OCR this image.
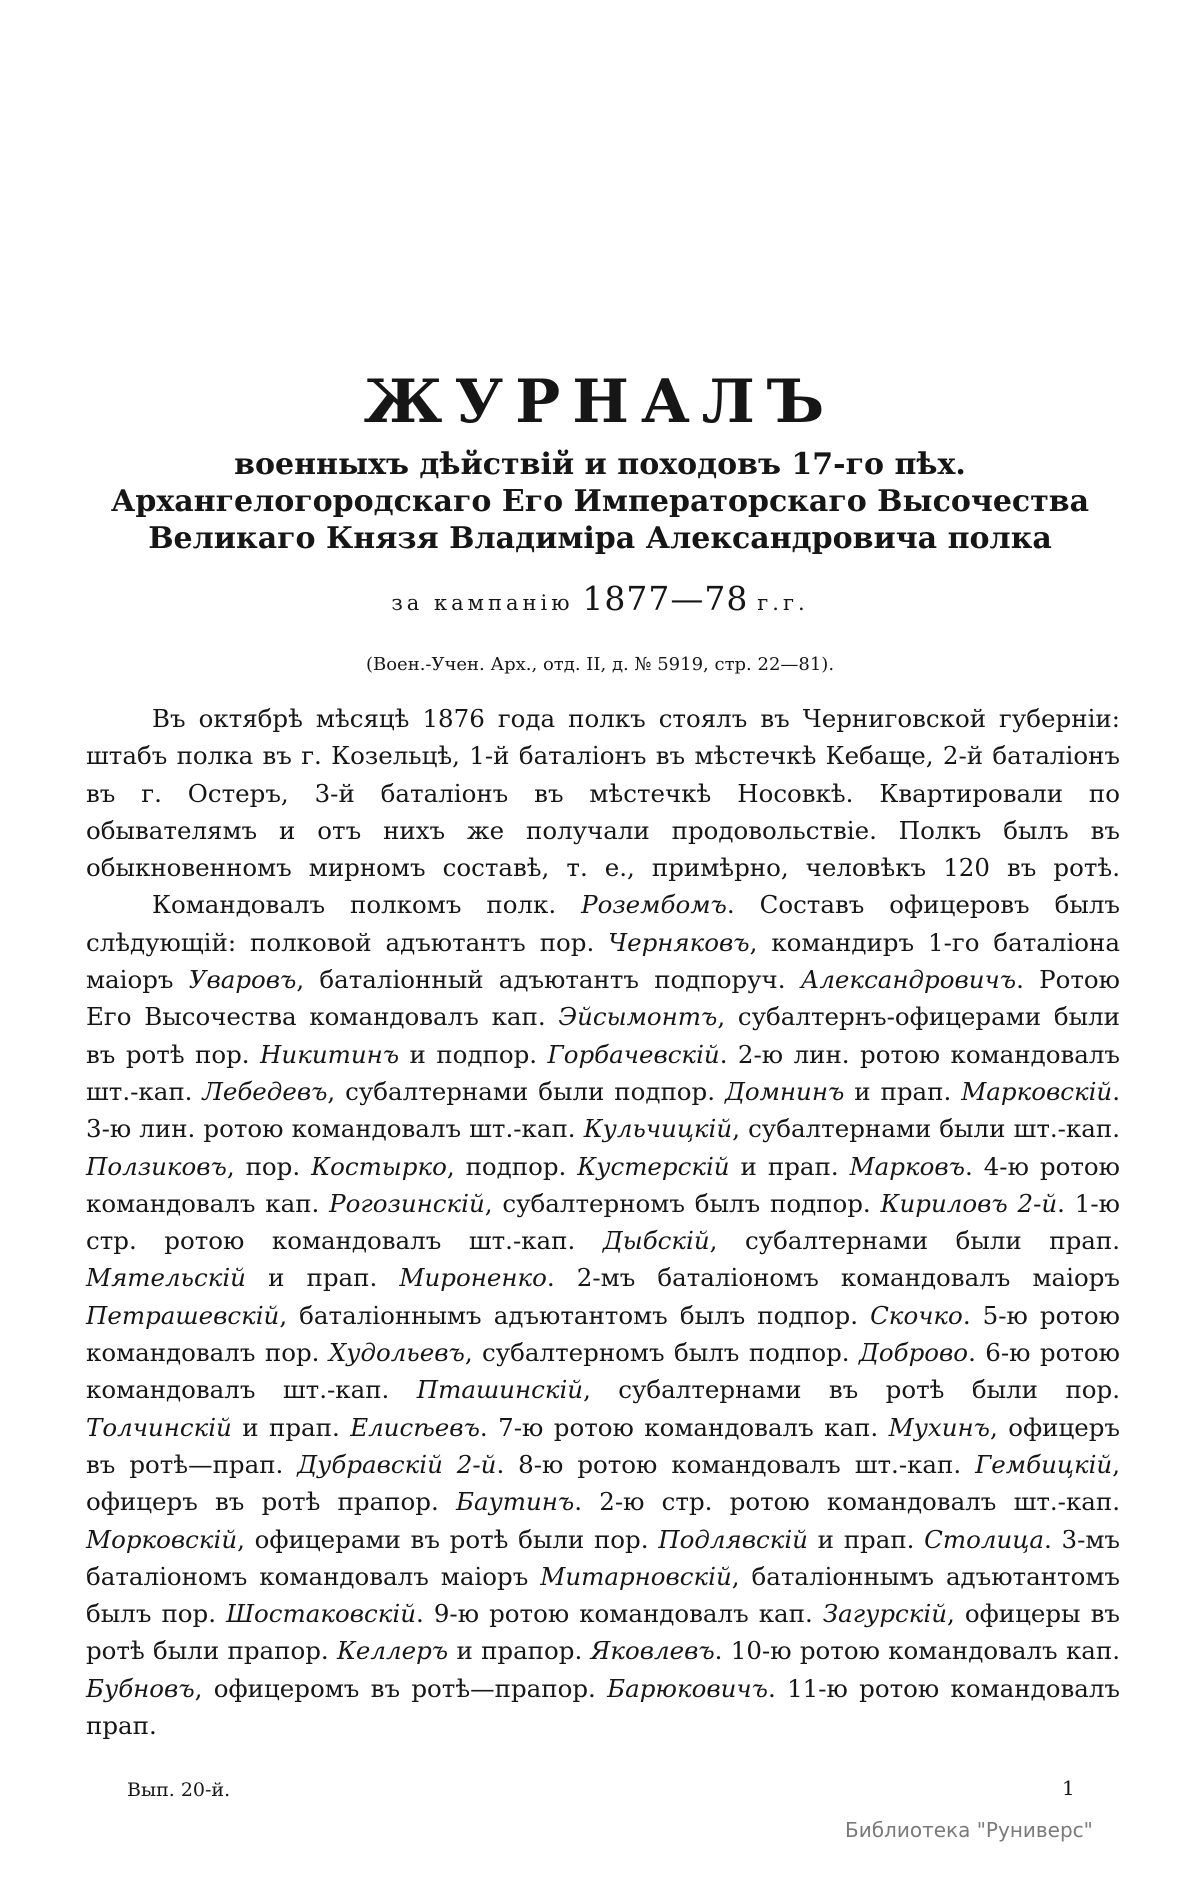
ЖУРНАЛЪ
военныхъ дѣйствій и походовъ 17-го пѣх. Архангелогородскаго Его Императорскаго Высочества Великаго Князя Владиміра Александровича полка
за кампанію 1877—78 г.г.
(Воен.-Учен. Арх., отд. II, д. № 5919, стр. 22—81).

Въ октябрѣ мѣсяцѣ 1876 года полкъ стоялъ въ Черниговской губерніи: штабъ полка въ г. Козельцѣ, 1-й баталіонъ въ мѣстечкѣ Кебаще, 2-й баталіонъ въ г. Остеръ, 3-й баталіонъ въ мѣстечкѣ Носовкѣ. Квартировали по обывателямъ и отъ нихъ же получали продовольствіе. Полкъ былъ въ обыкновенномъ мирномъ составѣ, т. е., примѣрно, человѣкъ 120 въ ротѣ.

Командовалъ полкомъ полк. Розембомъ. Составъ офицеровъ былъ слѣдующій: полковой адъютантъ пор. Черняковъ, командиръ 1-го баталіона маіоръ Уваровъ, баталіонный адъютантъ подпоруч. Александровичъ. Ротою Его Высочества командовалъ кап. Эйсымонтъ, субалтернъ-офицерами были въ ротѣ пор. Никитинъ и подпор. Горбачевскій. 2-ю лин. ротою командовалъ шт.-кап. Лебедевъ, субалтернами были подпор. Домнинъ и прап. Марковскій. 3-ю лин. ротою командовалъ шт.-кап. Кульчицкій, субалтернами были шт.-кап. Ползиковъ, пор. Костырко, подпор. Кустерскій и прап. Марковъ. 4-ю ротою командовалъ кап. Рогозинскій, субалтерномъ былъ подпор. Кириловъ 2-й. 1-ю стр. ротою командовалъ шт.-кап. Дыбскій, субалтернами были прап. Мятельскій и прап. Мироненко. 2-мъ баталіономъ командовалъ маіоръ Петрашевскій, баталіоннымъ адъютантомъ былъ подпор. Скочко. 5-ю ротою командовалъ пор. Худольевъ, субалтерномъ былъ подпор. Доброво. 6-ю ротою командовалъ шт.-кап. Пташинскій, субалтернами въ ротѣ были пор. Толчинскій и прап. Елисѣевъ. 7-ю ротою командовалъ кап. Мухинъ, офицеръ въ ротѣ—прап. Дубравскій 2-й. 8-ю ротою командовалъ шт.-кап. Гембицкій, офицеръ въ ротѣ прапор. Баутинъ. 2-ю стр. ротою командовалъ шт.-кап. Морковскій, офицерами въ ротѣ были пор. Подлявскій и прап. Столица. 3-мъ баталіономъ командовалъ маіоръ Митарновскій, баталіоннымъ адъютантомъ былъ пор. Шостаковскій. 9-ю ротою командовалъ кап. Загурскій, офицеры въ ротѣ были прапор. Келлеръ и прапор. Яковлевъ. 10-ю ротою командовалъ кап. Бубновъ, офицеромъ въ ротѣ—прапор. Барюковичъ. 11-ю ротою командовалъ прап.

Вып. 20-й.	1
Библиотека "Руниверс"
